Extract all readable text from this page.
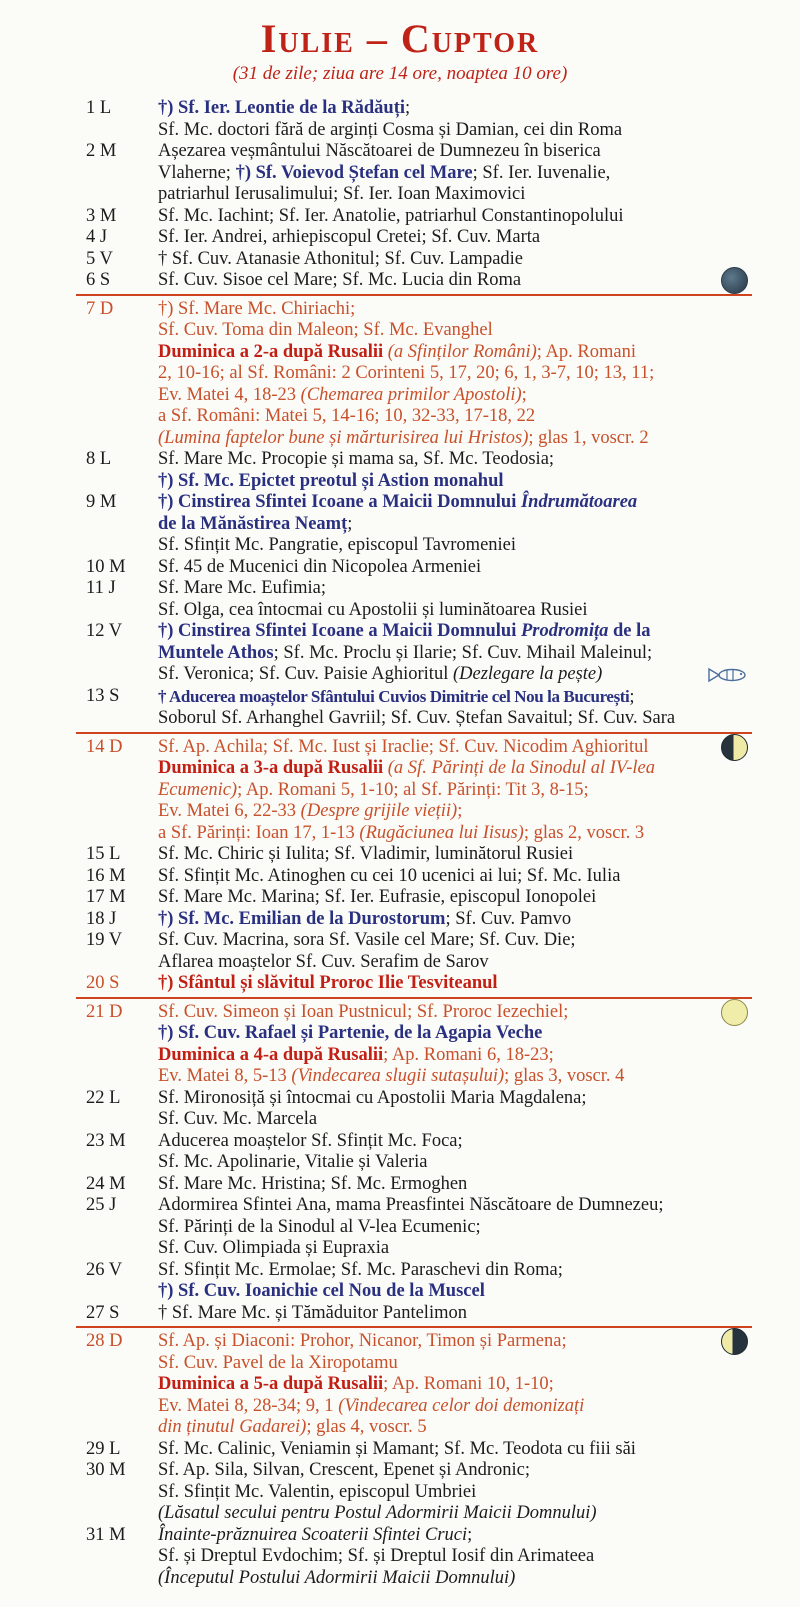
Iulie – Cuptor
(31 de zile; ziua are 14 ore, noaptea 10 ore)
1 L	†) Sf. Ier. Leontie de la Rădăuți;
Sf. Mc. doctori fără de arginți Cosma și Damian, cei din Roma
2 M	Așezarea veșmântului Născătoarei de Dumnezeu în biserica
Vlaherne; †) Sf. Voievod Ștefan cel Mare; Sf. Ier. Iuvenalie,
patriarhul Ierusalimului; Sf. Ier. Ioan Maximovici
3 M	Sf. Mc. Iachint; Sf. Ier. Anatolie, patriarhul Constantinopolului
4 J	Sf. Ier. Andrei, arhiepiscopul Cretei; Sf. Cuv. Marta
5 V	† Sf. Cuv. Atanasie Athonitul; Sf. Cuv. Lampadie
6 S	Sf. Cuv. Sisoe cel Mare; Sf. Mc. Lucia din Roma
7 D	†) Sf. Mare Mc. Chiriachi;
Sf. Cuv. Toma din Maleon; Sf. Mc. Evanghel
Duminica a 2-a după Rusalii (a Sfinților Români); Ap. Romani
2, 10-16; al Sf. Români: 2 Corinteni 5, 17, 20; 6, 1, 3-7, 10; 13, 11;
Ev. Matei 4, 18-23 (Chemarea primilor Apostoli);
a Sf. Români: Matei 5, 14-16; 10, 32-33, 17-18, 22
(Lumina faptelor bune și mărturisirea lui Hristos); glas 1, voscr. 2
8 L	Sf. Mare Mc. Procopie și mama sa, Sf. Mc. Teodosia;
†) Sf. Mc. Epictet preotul și Astion monahul
9 M	†) Cinstirea Sfintei Icoane a Maicii Domnului Îndrumătoarea
de la Mănăstirea Neamț;
Sf. Sfințit Mc. Pangratie, episcopul Tavromeniei
10 M	Sf. 45 de Mucenici din Nicopolea Armeniei
11 J	Sf. Mare Mc. Eufimia;
Sf. Olga, cea întocmai cu Apostolii și luminătoarea Rusiei
12 V	†) Cinstirea Sfintei Icoane a Maicii Domnului Prodromița de la
Muntele Athos; Sf. Mc. Proclu și Ilarie; Sf. Cuv. Mihail Maleinul;
Sf. Veronica; Sf. Cuv. Paisie Aghioritul (Dezlegare la pește)
13 S	† Aducerea moaștelor Sfântului Cuvios Dimitrie cel Nou la București;
Soborul Sf. Arhanghel Gavriil; Sf. Cuv. Ștefan Savaitul; Sf. Cuv. Sara
14 D	Sf. Ap. Achila; Sf. Mc. Iust și Iraclie; Sf. Cuv. Nicodim Aghioritul
Duminica a 3-a după Rusalii (a Sf. Părinți de la Sinodul al IV-lea
Ecumenic); Ap. Romani 5, 1-10; al Sf. Părinți: Tit 3, 8-15;
Ev. Matei 6, 22-33 (Despre grijile vieții);
a Sf. Părinți: Ioan 17, 1-13 (Rugăciunea lui Iisus); glas 2, voscr. 3
15 L	Sf. Mc. Chiric și Iulita; Sf. Vladimir, luminătorul Rusiei
16 M	Sf. Sfințit Mc. Atinoghen cu cei 10 ucenici ai lui; Sf. Mc. Iulia
17 M	Sf. Mare Mc. Marina; Sf. Ier. Eufrasie, episcopul Ionopolei
18 J	†) Sf. Mc. Emilian de la Durostorum; Sf. Cuv. Pamvo
19 V	Sf. Cuv. Macrina, sora Sf. Vasile cel Mare; Sf. Cuv. Die;
Aflarea moaștelor Sf. Cuv. Serafim de Sarov
20 S	†) Sfântul și slăvitul Proroc Ilie Tesviteanul
21 D	Sf. Cuv. Simeon și Ioan Pustnicul; Sf. Proroc Iezechiel;
†) Sf. Cuv. Rafael și Partenie, de la Agapia Veche
Duminica a 4-a după Rusalii; Ap. Romani 6, 18-23;
Ev. Matei 8, 5-13 (Vindecarea slugii sutașului); glas 3, voscr. 4
22 L	Sf. Mironosiță și întocmai cu Apostolii Maria Magdalena;
Sf. Cuv. Mc. Marcela
23 M	Aducerea moaștelor Sf. Sfințit Mc. Foca;
Sf. Mc. Apolinarie, Vitalie și Valeria
24 M	Sf. Mare Mc. Hristina; Sf. Mc. Ermoghen
25 J	Adormirea Sfintei Ana, mama Preasfintei Născătoare de Dumnezeu;
Sf. Părinți de la Sinodul al V-lea Ecumenic;
Sf. Cuv. Olimpiada și Eupraxia
26 V	Sf. Sfințit Mc. Ermolae; Sf. Mc. Paraschevi din Roma;
†) Sf. Cuv. Ioanichie cel Nou de la Muscel
27 S	† Sf. Mare Mc. și Tămăduitor Pantelimon
28 D	Sf. Ap. și Diaconi: Prohor, Nicanor, Timon și Parmena;
Sf. Cuv. Pavel de la Xiropotamu
Duminica a 5-a după Rusalii; Ap. Romani 10, 1-10;
Ev. Matei 8, 28-34; 9, 1 (Vindecarea celor doi demonizați
din ținutul Gadarei); glas 4, voscr. 5
29 L	Sf. Mc. Calinic, Veniamin și Mamant; Sf. Mc. Teodota cu fiii săi
30 M	Sf. Ap. Sila, Silvan, Crescent, Epenet și Andronic;
Sf. Sfințit Mc. Valentin, episcopul Umbriei
(Lăsatul secului pentru Postul Adormirii Maicii Domnului)
31 M	Înainte-prăznuirea Scoaterii Sfintei Cruci;
Sf. și Dreptul Evdochim; Sf. și Dreptul Iosif din Arimateea
(Începutul Postului Adormirii Maicii Domnului)
